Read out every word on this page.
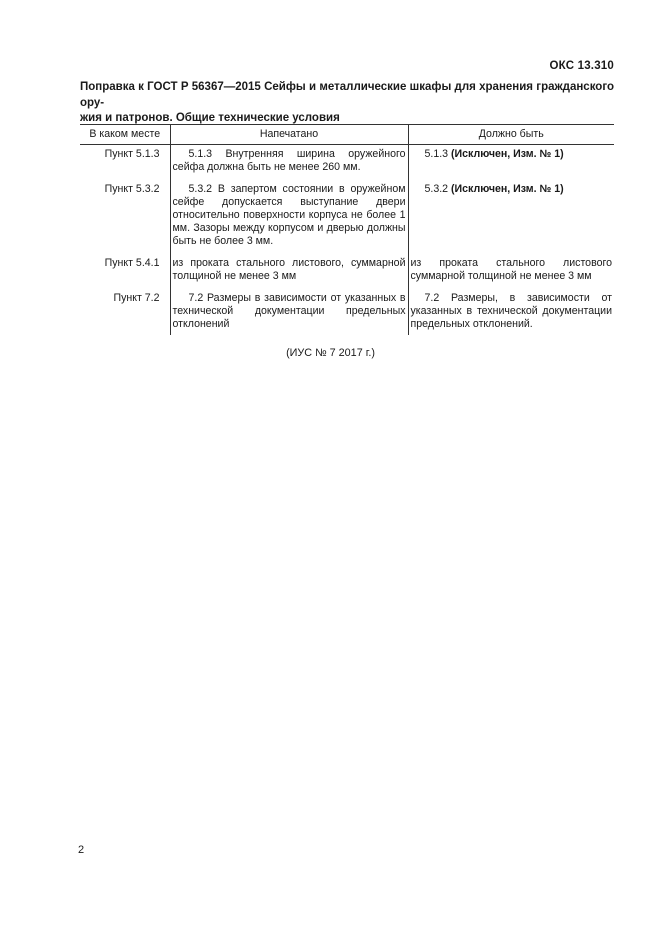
ОКС 13.310
Поправка к ГОСТ Р 56367—2015 Сейфы и металлические шкафы для хранения гражданского ору-
жия и патронов. Общие технические условия
В каком месте	Напечатано	Должно быть
Пункт 5.1.3	5.1.3 Внутренняя ширина оружейного сейфа должна быть не менее 260 мм.	5.1.3 (Исключен, Изм. № 1)
Пункт 5.3.2	5.3.2 В запертом состоянии в оружейном сейфе допускается выступание двери относительно поверхности корпуса не более 1 мм. Зазоры между корпусом и дверью должны быть не более 3 мм.	5.3.2 (Исключен, Изм. № 1)
Пункт 5.4.1	из проката стального листового, суммарной толщиной не менее 3 мм	из проката стального листового суммарной толщиной не менее 3 мм
Пункт 7.2	7.2 Размеры в зависимости от указанных в технической документации предельных отклонений	7.2 Размеры, в зависимости от указанных в технической документации предельных отклонений.
(ИУС № 7 2017 г.)
2
